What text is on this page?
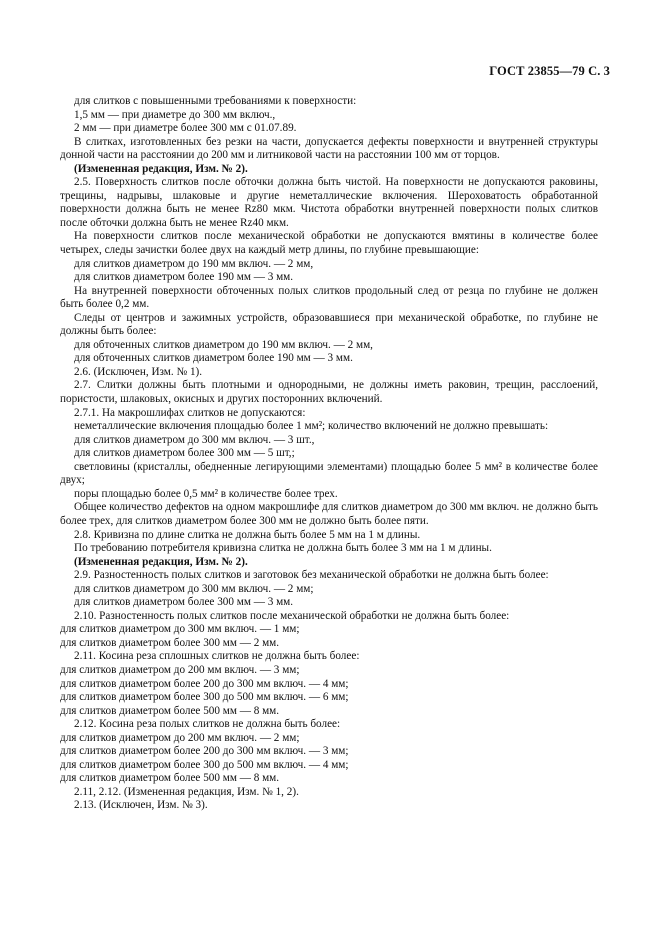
ГОСТ 23855—79 С. 3

для слитков с повышенными требованиями к поверхности:

1,5 мм — при диаметре до 300 мм включ.,

2 мм — при диаметре более 300 мм с 01.07.89.

В слитках, изготовленных без резки на части, допускается дефекты поверхности и внутренней структуры донной части на расстоянии до 200 мм и литниковой части на расстоянии 100 мм от торцов.

(Измененная редакция, Изм. № 2).

2.5. Поверхность слитков после обточки должна быть чистой. На поверхности не допускаются раковины, трещины, надрывы, шлаковые и другие неметаллические включения. Шероховатость обработанной поверхности должна быть не менее Rz80 мкм. Чистота обработки внутренней поверхности полых слитков после обточки должна быть не менее Rz40 мкм.

На поверхности слитков после механической обработки не допускаются вмятины в количестве более четырех, следы зачистки более двух на каждый метр длины, по глубине превышающие:

для слитков диаметром до 190 мм включ. — 2 мм,

для слитков диаметром более 190 мм — 3 мм.

На внутренней поверхности обточенных полых слитков продольный след от резца по глубине не должен быть более 0,2 мм.

Следы от центров и зажимных устройств, образовавшиеся при механической обработке, по глубине не должны быть более:

для обточенных слитков диаметром до 190 мм включ. — 2 мм,

для обточенных слитков диаметром более 190 мм — 3 мм.

2.6. (Исключен, Изм. № 1).

2.7. Слитки должны быть плотными и однородными, не должны иметь раковин, трещин, расслоений, пористости, шлаковых, окисных и других посторонних включений.

2.7.1. На макрошлифах слитков не допускаются:

неметаллические включения площадью более 1 мм²; количество включений не должно превышать:

для слитков диаметром до 300 мм включ. — 3 шт.,

для слитков диаметром более 300 мм — 5 шт,;

светловины (кристаллы, обедненные легирующими элементами) площадью более 5 мм² в количестве более двух;

поры площадью более 0,5 мм² в количестве более трех.

Общее количество дефектов на одном макрошлифе для слитков диаметром до 300 мм включ. не должно быть более трех, для слитков диаметром более 300 мм не должно быть более пяти.

2.8. Кривизна по длине слитка не должна быть более 5 мм на 1 м длины.

По требованию потребителя кривизна слитка не должна быть более 3 мм на 1 м длины.

(Измененная редакция, Изм. № 2).

2.9. Разностенность полых слитков и заготовок без механической обработки не должна быть более:

для слитков диаметром до 300 мм включ. — 2 мм;

для слитков диаметром более 300 мм — 3 мм.

2.10. Разностенность полых слитков после механической обработки не должна быть более:

для слитков диаметром до 300 мм включ. — 1 мм;

для слитков диаметром более 300 мм — 2 мм.

2.11. Косина реза сплошных слитков не должна быть более:

для слитков диаметром до 200 мм включ. — 3 мм;

для слитков диаметром более 200 до 300 мм включ. — 4 мм;

для слитков диаметром более 300 до 500 мм включ. — 6 мм;

для слитков диаметром более 500 мм — 8 мм.

2.12. Косина реза полых слитков не должна быть более:

для слитков диаметром до 200 мм включ. — 2 мм;

для слитков диаметром более 200 до 300 мм включ. — 3 мм;

для слитков диаметром более 300 до 500 мм включ. — 4 мм;

для слитков диаметром более 500 мм — 8 мм.

2.11, 2.12. (Измененная редакция, Изм. № 1, 2).

2.13. (Исключен, Изм. № 3).
